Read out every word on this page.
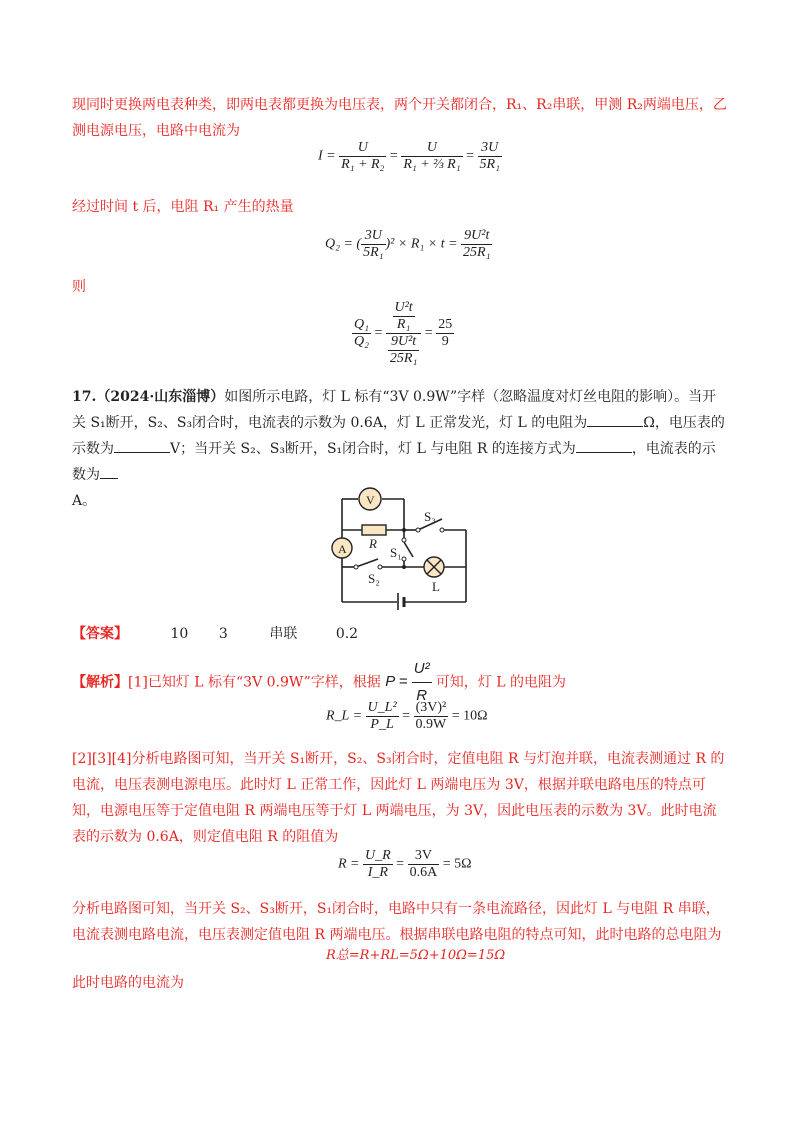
现同时更换两电表种类，即两电表都更换为电压表，两个开关都闭合，R₁、R₂串联，甲测 R₂两端电压，乙测电源电压，电路中电流为
$I = \frac{U}{\text{R₁ + R₂}} = \frac{U}{\text{R₁ + ⅔ R₁}} = \frac{3U}{\text{5R₁}}$
经过时间 t 后，电阻 R₁ 产生的热量
Q₂ = ( $\frac{3U}{\text{5R₁}} )^2 \times R_1 \times t = \frac{\text{9U²t}}{\text{25R₁}}$
则
$\frac{\text{Q₁}}{\text{Q₂}} = \frac{\frac{\text{U²t}}{\text{R₁}}}{\frac{\text{9U²t}}{\text{25R₁}}} = \frac{25}{9}$
17.（2024·山东淄博）如图所示电路，灯 L 标有“3V 0.9W”字样（忽略温度对灯丝电阻的影响）。当开关 S₁断开，S₂、S₃闭合时，电流表的示数为 0.6A，灯 L 正常发光，灯 L 的电阻为	Ω，电压表的示数为	V；当开关 S₂、S₃断开，S₁闭合时，灯 L 与电阻 R 的连接方式为	，电流表的示数为
A。	V
A R
L
S₁
S₂
S₃
【答案】	10 3	串联	0.2
【解析】[1]已知灯 L 标有“3V 0.9W”字样，根据 $P = \frac{\text{U²}}{R}$ 可知，灯 L 的电阻为
R_L = $\frac{\text{U\_L²}}{P\_L} = \frac{\text{(3V)²}}{0.9W} = 10\Omega$
[2][3][4]分析电路图可知，当开关 S₁断开，S₂、S₃闭合时，定值电阻 R 与灯泡并联，电流表测通过 R 的电流，电压表测电源电压。此时灯 L 正常工作，因此灯 L 两端电压为 3V，根据并联电路电压的特点可知，电源电压等于定值电阻 R 两端电压等于灯 L 两端电压，为 3V，因此电压表的示数为 3V。此时电流表的示数为 0.6A，则定值电阻 R 的阻值为
$R = \frac{U\_R}{I\_R} = \frac{3V}{0.6A} = 5\Omega$
分析电路图可知，当开关 S₂、S₃断开，S₁闭合时，电路中只有一条电流路径，因此灯 L 与电阻 R 串联，电流表测电路电流，电压表测定值电阻 R 两端电压。根据串联电路电阻的特点可知，此时电路的总电阻为
R总=R+RL=5Ω+10Ω=15Ω
此时电路的电流为
